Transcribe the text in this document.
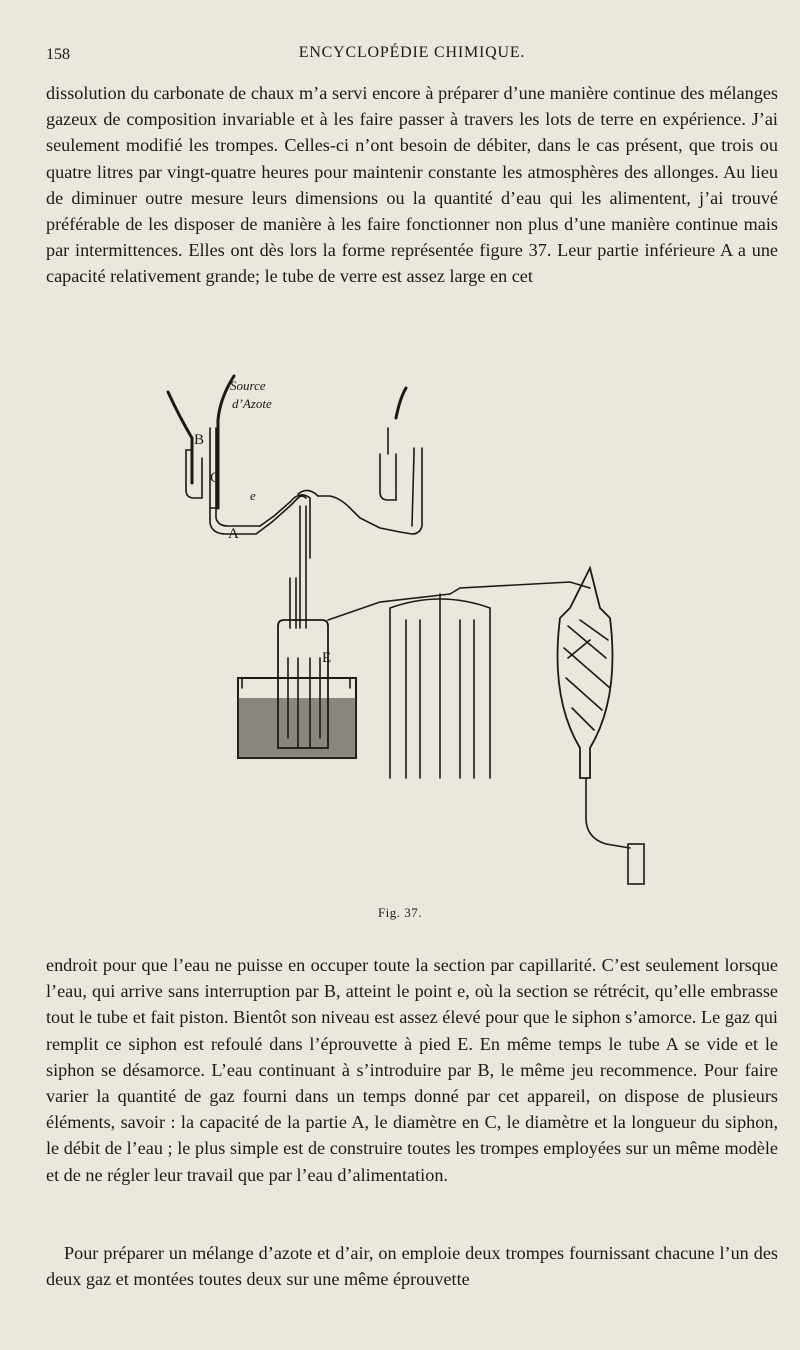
158	ENCYCLOPÉDIE CHIMIQUE.

dissolution du carbonate de chaux m’a servi encore à préparer d’une manière continue des mélanges gazeux de composition invariable et à les faire passer à travers les lots de terre en expérience. J’ai seulement modifié les trompes. Celles-ci n’ont besoin de débiter, dans le cas présent, que trois ou quatre litres par vingt-quatre heures pour maintenir constante les atmosphères des allonges. Au lieu de diminuer outre mesure leurs dimensions ou la quantité d’eau qui les alimentent, j’ai trouvé préférable de les disposer de manière à les faire fonctionner non plus d’une manière continue mais par intermittences. Elles ont dès lors la forme représentée figure 37. Leur partie inférieure A a une capacité relativement grande; le tube de verre est assez large en cet

Source
d’Azote
B
C
e
A
E
Fig. 37.

endroit pour que l’eau ne puisse en occuper toute la section par capillarité. C’est seulement lorsque l’eau, qui arrive sans interruption par B, atteint le point e, où la section se rétrécit, qu’elle embrasse tout le tube et fait piston. Bientôt son niveau est assez élevé pour que le siphon s’amorce. Le gaz qui remplit ce siphon est refoulé dans l’éprouvette à pied E. En même temps le tube A se vide et le siphon se désamorce. L’eau continuant à s’introduire par B, le même jeu recommence. Pour faire varier la quantité de gaz fourni dans un temps donné par cet appareil, on dispose de plusieurs éléments, savoir : la capacité de la partie A, le diamètre en C, le diamètre et la longueur du siphon, le débit de l’eau ; le plus simple est de construire toutes les trompes employées sur un même modèle et de ne régler leur travail que par l’eau d’alimentation.

Pour préparer un mélange d’azote et d’air, on emploie deux trompes fournissant chacune l’un des deux gaz et montées toutes deux sur une même éprouvette
